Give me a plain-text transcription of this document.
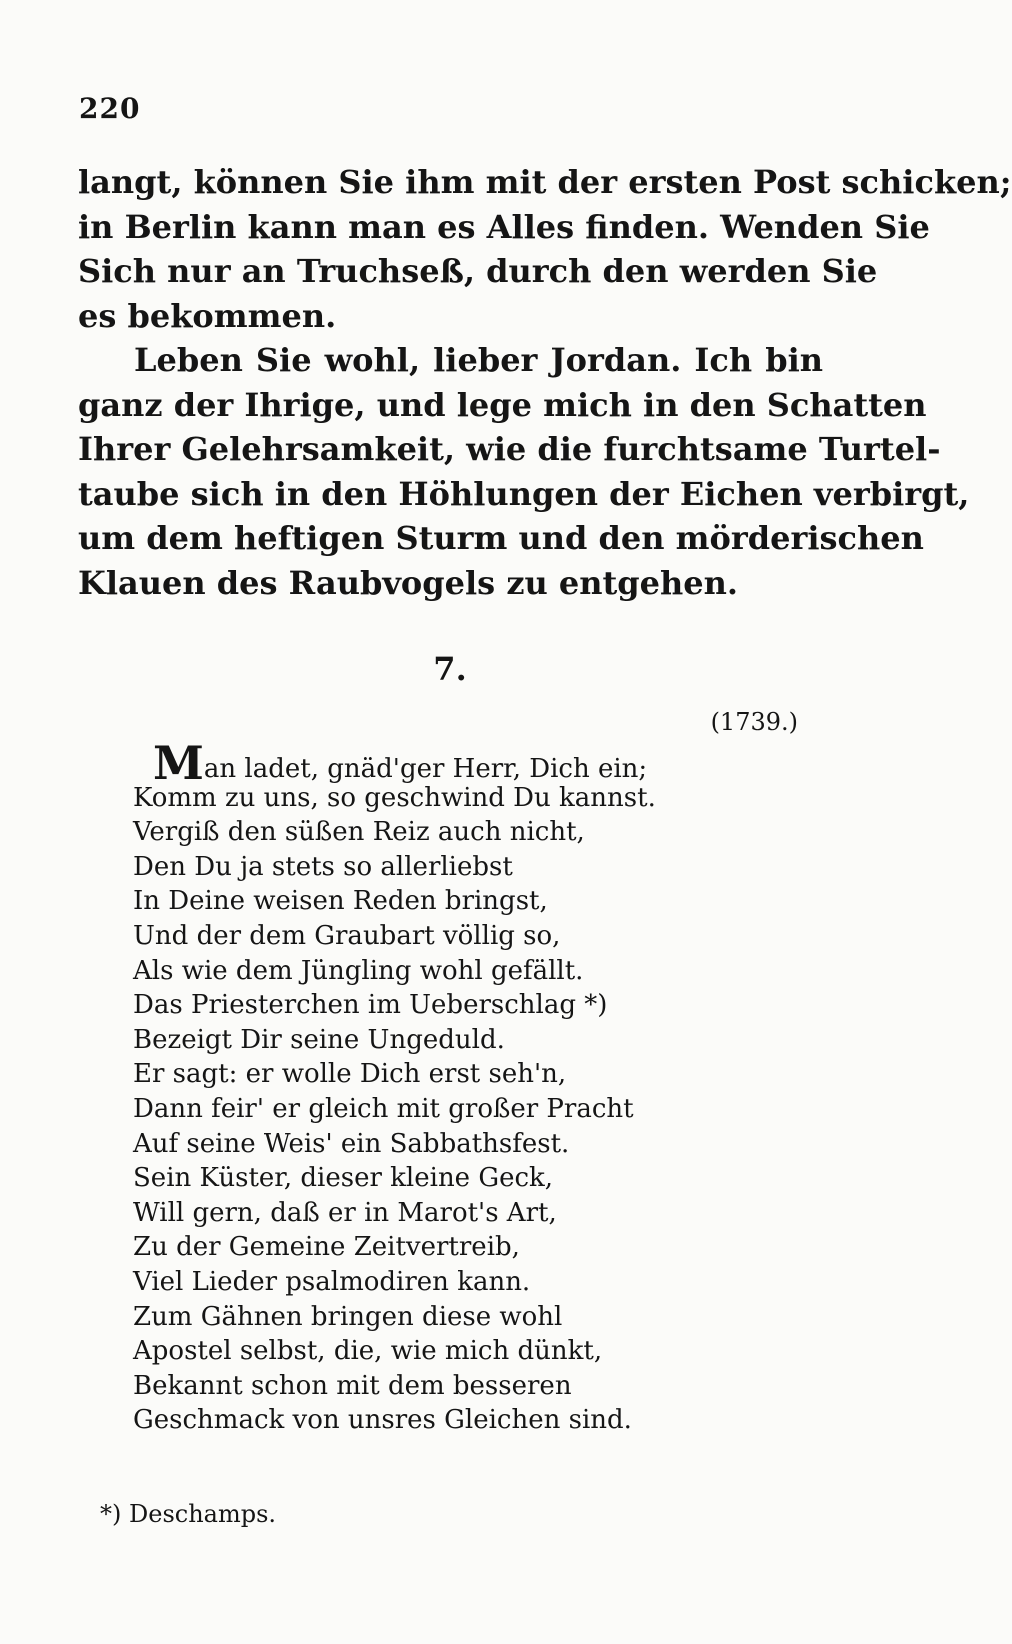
220
langt, können Sie ihm mit der ersten Post schicken;
in Berlin kann man es Alles finden. Wenden Sie
Sich nur an Truchseß, durch den werden Sie
es bekommen.
Leben Sie wohl, lieber Jordan. Ich bin
ganz der Ihrige, und lege mich in den Schatten
Ihrer Gelehrsamkeit, wie die furchtsame Turtel-
taube sich in den Höhlungen der Eichen verbirgt,
um dem heftigen Sturm und den mörderischen
Klauen des Raubvogels zu entgehen.
7.
(1739.)
Man ladet, gnäd'ger Herr, Dich ein;
Komm zu uns, so geschwind Du kannst.
Vergiß den süßen Reiz auch nicht,
Den Du ja stets so allerliebst
In Deine weisen Reden bringst,
Und der dem Graubart völlig so,
Als wie dem Jüngling wohl gefällt.
Das Priesterchen im Ueberschlag *)
Bezeigt Dir seine Ungeduld.
Er sagt: er wolle Dich erst seh'n,
Dann feir' er gleich mit großer Pracht
Auf seine Weis' ein Sabbathsfest.
Sein Küster, dieser kleine Geck,
Will gern, daß er in Marot's Art,
Zu der Gemeine Zeitvertreib,
Viel Lieder psalmodiren kann.
Zum Gähnen bringen diese wohl
Apostel selbst, die, wie mich dünkt,
Bekannt schon mit dem besseren
Geschmack von unsres Gleichen sind.
*) Deschamps.
